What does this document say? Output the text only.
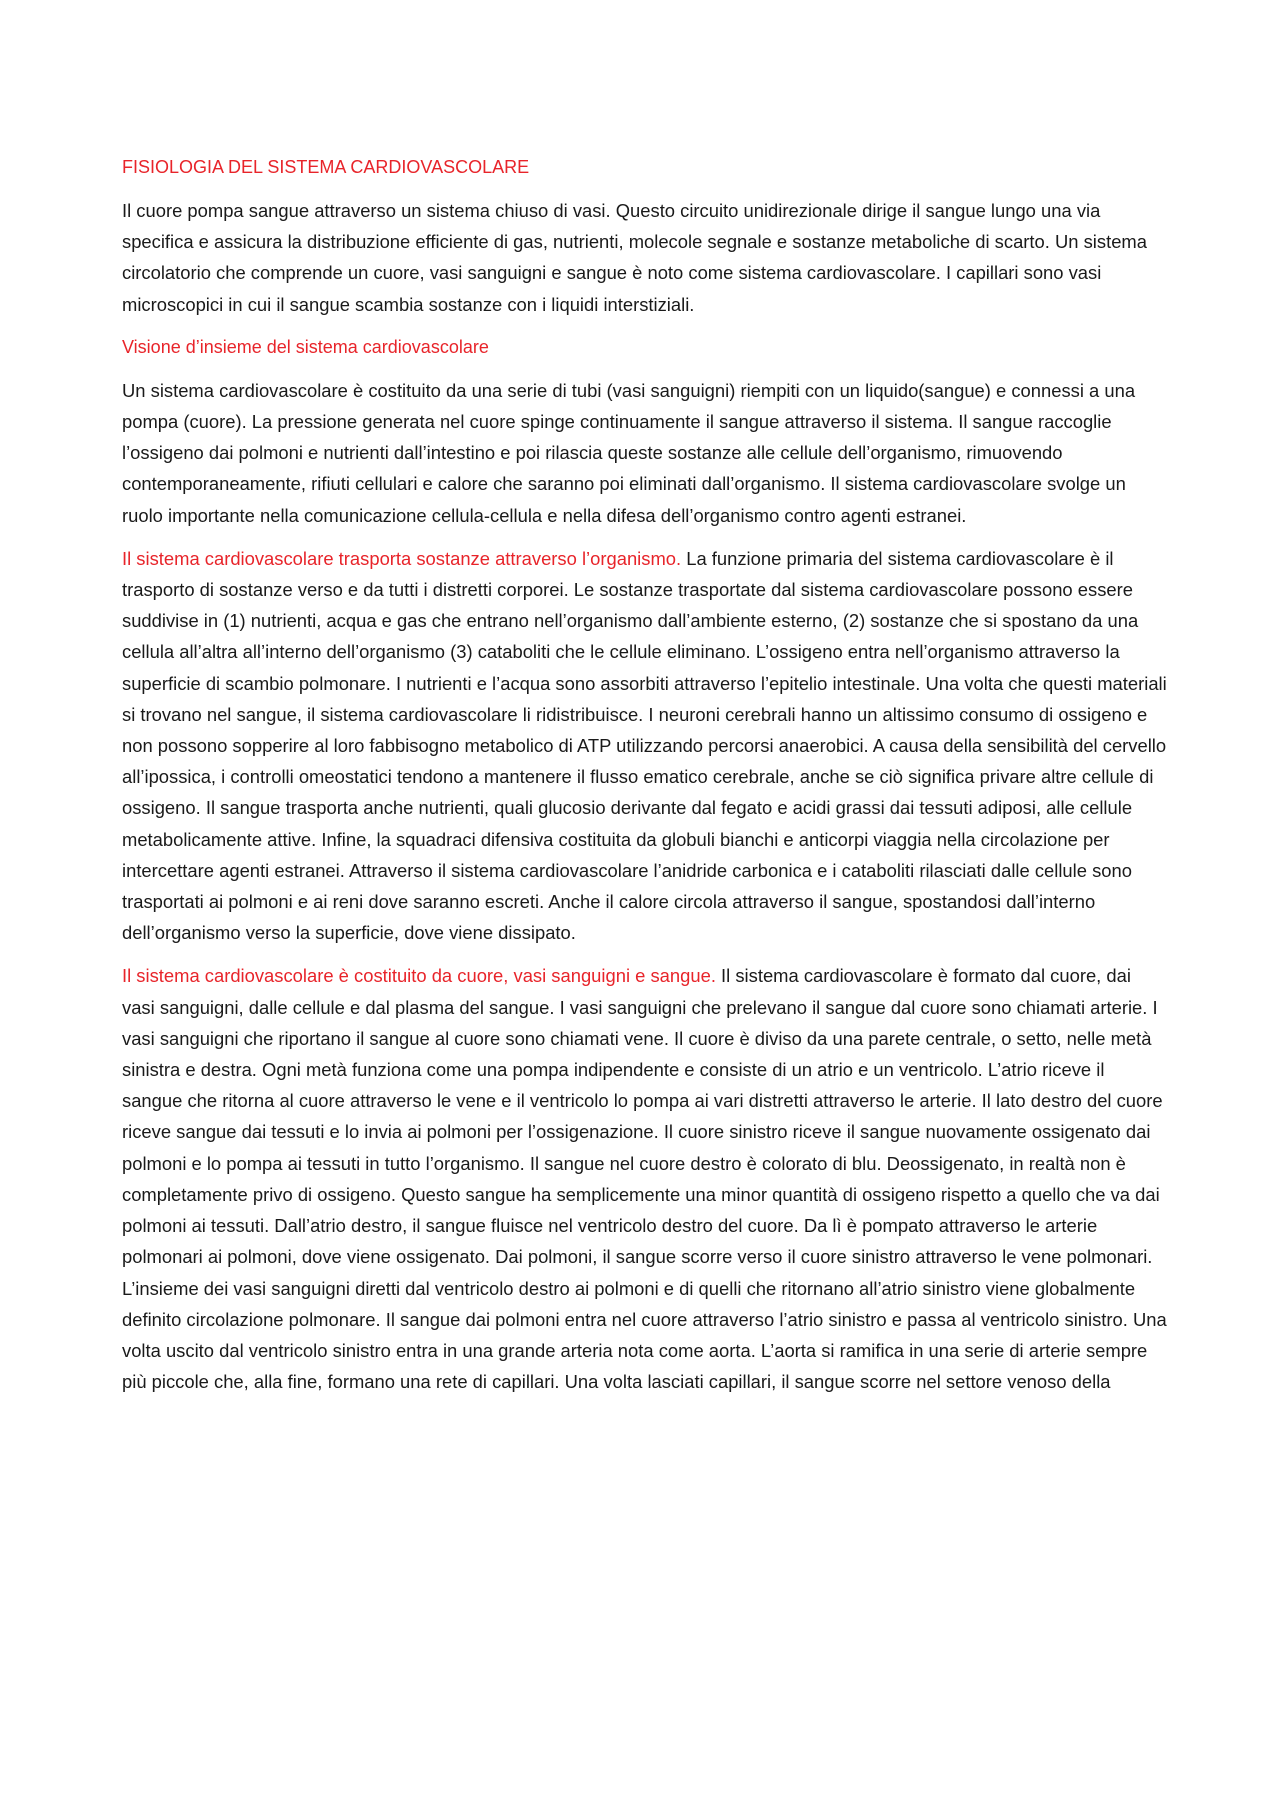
FISIOLOGIA DEL SISTEMA CARDIOVASCOLARE

Il cuore pompa sangue attraverso un sistema chiuso di vasi. Questo circuito unidirezionale dirige il sangue lungo una via specifica e assicura la distribuzione efficiente di gas, nutrienti, molecole segnale e sostanze metaboliche di scarto. Un sistema circolatorio che comprende un cuore, vasi sanguigni e sangue è noto come sistema cardiovascolare. I capillari sono vasi microscopici in cui il sangue scambia sostanze con i liquidi interstiziali.

Visione d’insieme del sistema cardiovascolare

Un sistema cardiovascolare è costituito da una serie di tubi (vasi sanguigni) riempiti con un liquido(sangue) e connessi a una pompa (cuore). La pressione generata nel cuore spinge continuamente il sangue attraverso il sistema. Il sangue raccoglie l’ossigeno dai polmoni e nutrienti dall’intestino e poi rilascia queste sostanze alle cellule dell’organismo, rimuovendo contemporaneamente, rifiuti cellulari e calore che saranno poi eliminati dall’organismo. Il sistema cardiovascolare svolge un ruolo importante nella comunicazione cellula-cellula e nella difesa dell’organismo contro agenti estranei.

Il sistema cardiovascolare trasporta sostanze attraverso l’organismo. La funzione primaria del sistema cardiovascolare è il trasporto di sostanze verso e da tutti i distretti corporei. Le sostanze trasportate dal sistema cardiovascolare possono essere suddivise in (1) nutrienti, acqua e gas che entrano nell’organismo dall’ambiente esterno, (2) sostanze che si spostano da una cellula all’altra all’interno dell’organismo (3) cataboliti che le cellule eliminano. L’ossigeno entra nell’organismo attraverso la superficie di scambio polmonare. I nutrienti e l’acqua sono assorbiti attraverso l’epitelio intestinale. Una volta che questi materiali si trovano nel sangue, il sistema cardiovascolare li ridistribuisce. I neuroni cerebrali hanno un altissimo consumo di ossigeno e non possono sopperire al loro fabbisogno metabolico di ATP utilizzando percorsi anaerobici. A causa della sensibilità del cervello all’ipossica, i controlli omeostatici tendono a mantenere il flusso ematico cerebrale, anche se ciò significa privare altre cellule di ossigeno. Il sangue trasporta anche nutrienti, quali glucosio derivante dal fegato e acidi grassi dai tessuti adiposi, alle cellule metabolicamente attive. Infine, la squadraci difensiva costituita da globuli bianchi e anticorpi viaggia nella circolazione per intercettare agenti estranei. Attraverso il sistema cardiovascolare l’anidride carbonica e i cataboliti rilasciati dalle cellule sono trasportati ai polmoni e ai reni dove saranno escreti. Anche il calore circola attraverso il sangue, spostandosi dall’interno dell’organismo verso la superficie, dove viene dissipato.

Il sistema cardiovascolare è costituito da cuore, vasi sanguigni e sangue. Il sistema cardiovascolare è formato dal cuore, dai vasi sanguigni, dalle cellule e dal plasma del sangue. I vasi sanguigni che prelevano il sangue dal cuore sono chiamati arterie. I vasi sanguigni che riportano il sangue al cuore sono chiamati vene. Il cuore è diviso da una parete centrale, o setto, nelle metà sinistra e destra. Ogni metà funziona come una pompa indipendente e consiste di un atrio e un ventricolo. L’atrio riceve il sangue che ritorna al cuore attraverso le vene e il ventricolo lo pompa ai vari distretti attraverso le arterie. Il lato destro del cuore riceve sangue dai tessuti e lo invia ai polmoni per l’ossigenazione. Il cuore sinistro riceve il sangue nuovamente ossigenato dai polmoni e lo pompa ai tessuti in tutto l’organismo. Il sangue nel cuore destro è colorato di blu. Deossigenato, in realtà non è completamente privo di ossigeno. Questo sangue ha semplicemente una minor quantità di ossigeno rispetto a quello che va dai polmoni ai tessuti. Dall’atrio destro, il sangue fluisce nel ventricolo destro del cuore. Da lì è pompato attraverso le arterie polmonari ai polmoni, dove viene ossigenato. Dai polmoni, il sangue scorre verso il cuore sinistro attraverso le vene polmonari. L’insieme dei vasi sanguigni diretti dal ventricolo destro ai polmoni e di quelli che ritornano all’atrio sinistro viene globalmente definito circolazione polmonare. Il sangue dai polmoni entra nel cuore attraverso l’atrio sinistro e passa al ventricolo sinistro. Una volta uscito dal ventricolo sinistro entra in una grande arteria nota come aorta. L’aorta si ramifica in una serie di arterie sempre più piccole che, alla fine, formano una rete di capillari. Una volta lasciati capillari, il sangue scorre nel settore venoso della
